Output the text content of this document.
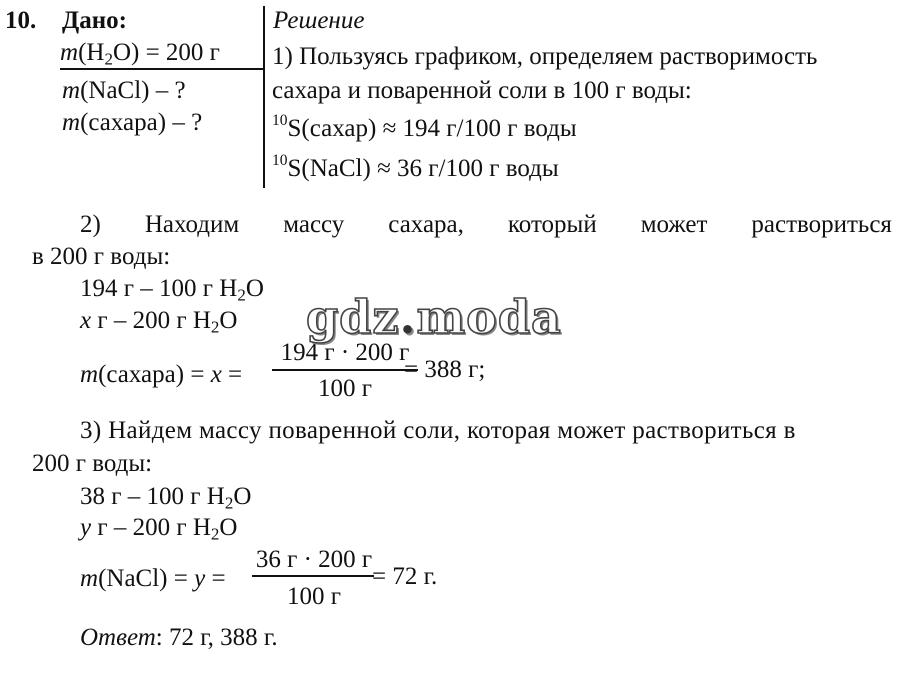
10. Дано:
$m(H_2O) = 200$ г
m(NaCl) – ?
m(сахара) – ?
Решение
1) Пользуясь графиком, определяем растворимость
сахара и поваренной соли в 100 г воды:
$^{10}$S(сахар) ≈ 194 г/100 г воды
$^{10}$S(NaCl) ≈ 36 г/100 г воды
2) Находим массу сахара, который может раствориться
в 200 г воды:
194 г – 100 г $H_2O$
x г – 200 г $H_2O$
m(сахара) = x =
194 г · 200 г
100 г
= 388 г;
3) Найдем массу поваренной соли, которая может раствориться в
200 г воды:
38 г – 100 г $H_2O$
y г – 200 г $H_2O$
m(NaCl) = y =
36 г · 200 г
100 г
= 72 г.
Ответ: 72 г, 388 г.
gdz.moda
